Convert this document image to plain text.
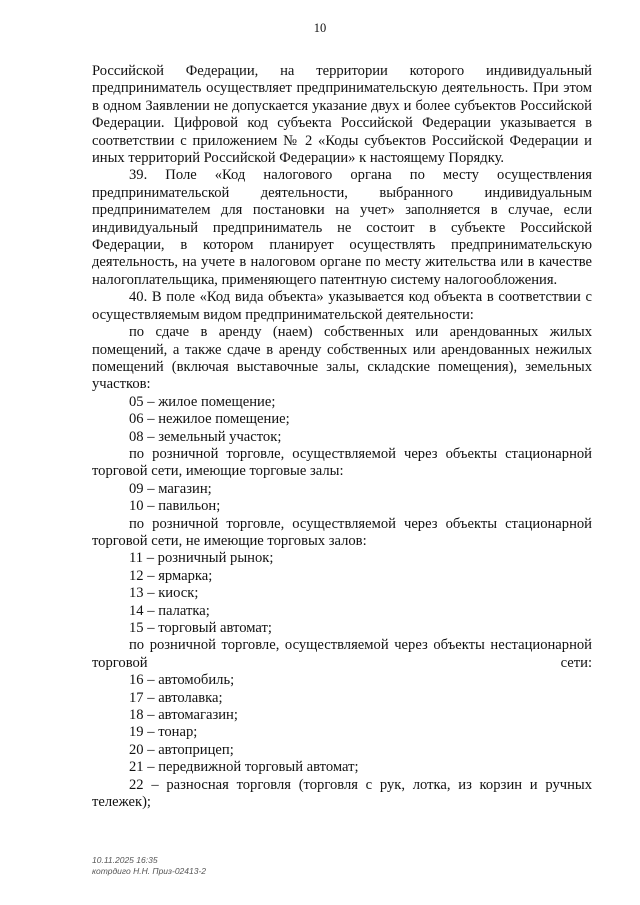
10

Российской Федерации, на территории которого индивидуальный предприниматель осуществляет предпринимательскую деятельность. При этом в одном Заявлении не допускается указание двух и более субъектов Российской Федерации. Цифровой код субъекта Российской Федерации указывается в соответствии с приложением № 2 «Коды субъектов Российской Федерации и иных территорий Российской Федерации» к настоящему Порядку.

39. Поле «Код налогового органа по месту осуществления предпринимательской деятельности, выбранного индивидуальным предпринимателем для постановки на учет» заполняется в случае, если индивидуальный предприниматель не состоит в субъекте Российской Федерации, в котором планирует осуществлять предпринимательскую деятельность, на учете в налоговом органе по месту жительства или в качестве налогоплательщика, применяющего патентную систему налогообложения.

40. В поле «Код вида объекта» указывается код объекта в соответствии с осуществляемым видом предпринимательской деятельности:

по сдаче в аренду (наем) собственных или арендованных жилых помещений, а также сдаче в аренду собственных или арендованных нежилых помещений (включая выставочные залы, складские помещения), земельных участков:

05 – жилое помещение;
06 – нежилое помещение;
08 – земельный участок;

по розничной торговле, осуществляемой через объекты стационарной торговой сети, имеющие торговые залы:

09 – магазин;
10 – павильон;

по розничной торговле, осуществляемой через объекты стационарной торговой сети, не имеющие торговых залов:

11 – розничный рынок;
12 – ярмарка;
13 – киоск;
14 – палатка;
15 – торговый автомат;

по розничной торговле, осуществляемой через объекты нестационарной торговой сети:

16 – автомобиль;
17 – автолавка;
18 – автомагазин;
19 – тонар;
20 – автоприцеп;
21 – передвижной торговый автомат;

22 – разносная торговля (торговля с рук, лотка, из корзин и ручных тележек);

10.11.2025 16:35
котрдиго Н.Н. Приз-02413-2
